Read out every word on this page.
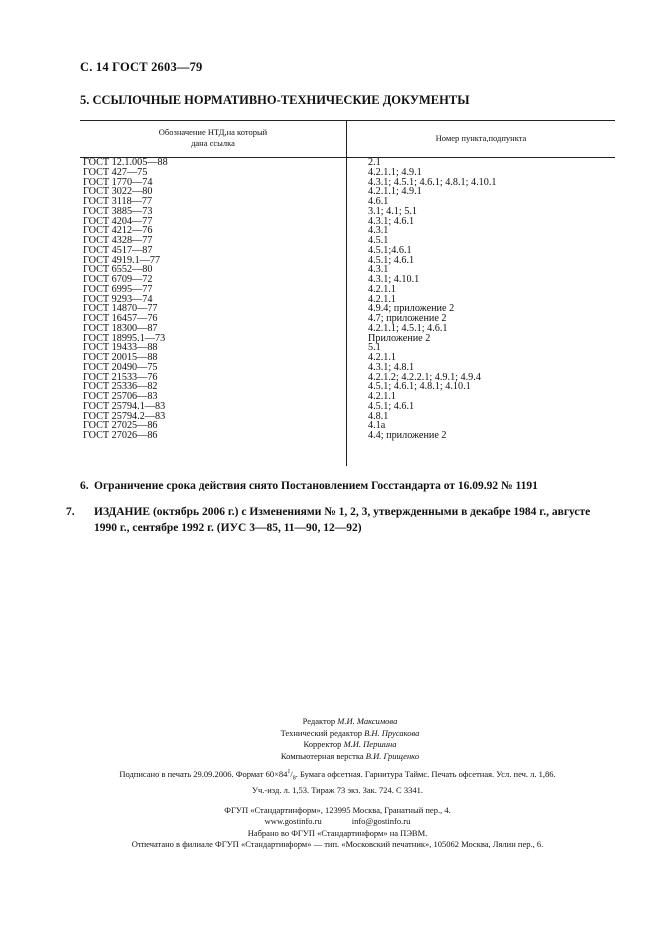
С. 14 ГОСТ 2603—79
5. ССЫЛОЧНЫЕ НОРМАТИВНО-ТЕХНИЧЕСКИЕ ДОКУМЕНТЫ
Обозначение НТД,на который
дана ссылка	Номер пункта,подпункта
ГОСТ 12.1.005—88
ГОСТ 427—75
ГОСТ 1770—74
ГОСТ 3022—80
ГОСТ 3118—77
ГОСТ 3885—73
ГОСТ 4204—77
ГОСТ 4212—76
ГОСТ 4328—77
ГОСТ 4517—87
ГОСТ 4919.1—77
ГОСТ 6552—80
ГОСТ 6709—72
ГОСТ 6995—77
ГОСТ 9293—74
ГОСТ 14870—77
ГОСТ 16457—76
ГОСТ 18300—87
ГОСТ 18995.1—73
ГОСТ 19433—88
ГОСТ 20015—88
ГОСТ 20490—75
ГОСТ 21533—76
ГОСТ 25336—82
ГОСТ 25706—83
ГОСТ 25794.1—83
ГОСТ 25794.2—83
ГОСТ 27025—86
ГОСТ 27026—86
2.1
4.2.1.1; 4.9.1
4.3.1; 4.5.1; 4.6.1; 4.8.1; 4.10.1
4.2.1.1; 4.9.1
4.6.1
3.1; 4.1; 5.1
4.3.1; 4.6.1
4.3.1
4.5.1
4.5.1;4.6.1
4.5.1; 4.6.1
4.3.1
4.3.1; 4.10.1
4.2.1.1
4.2.1.1
4.9.4; приложение 2
4.7; приложение 2
4.2.1.1; 4.5.1; 4.6.1
Приложение 2
5.1
4.2.1.1
4.3.1; 4.8.1
4.2.1.2; 4.2.2.1; 4.9.1; 4.9.4
4.5.1; 4.6.1; 4.8.1; 4.10.1
4.2.1.1
4.5.1; 4.6.1
4.8.1
4.1а
4.4; приложение 2
6. Ограничение срока действия снято Постановлением Госстандарта от 16.09.92 № 1191
7. ИЗДАНИЕ (октябрь 2006 г.) с Изменениями № 1, 2, 3, утвержденными в декабре 1984 г., августе 1990 г., сентябре 1992 г. (ИУС 3—85, 11—90, 12—92)
Редактор М.И. Максимова
Технический редактор В.Н. Прусакова
Корректор М.И. Першина
Компьютерная верстка В.И. Грищенко
Подписано в печать 29.09.2006. Формат $60\times 84^1/_8$. Бумага офсетная. Гарнитура Таймс. Печать офсетная. Усл. печ. л. 1,86.
Уч.-изд. л. 1,53. Тираж 73 экз. Зак. 724. С 3341.
ФГУП «Стандартинформ», 123995 Москва, Гранатный пер., 4.
www.gostinfo.ru	info@gostinfo.ru
Набрано во ФГУП «Стандартинформ» на ПЭВМ.
Отпечатано в филиале ФГУП «Стандартинформ» — тип. «Московский печатник», 105062 Москва, Лялин пер., 6.
